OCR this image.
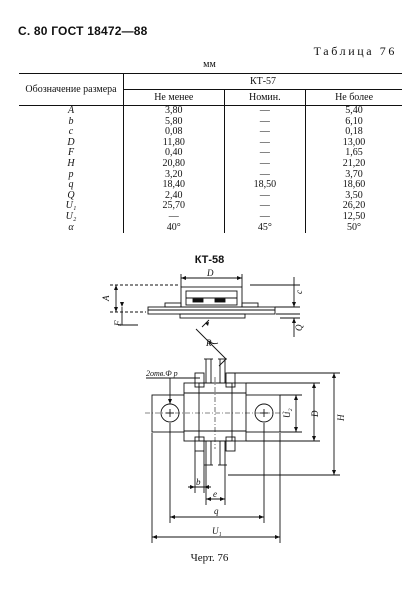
С. 80 ГОСТ 18472—88
Таблица 76
мм
Обозначение размера	КТ-57		
	Не менее	Номин.	Не более
A	3,80	—	5,40
b	5,80	—	6,10
c	0,08	—	0,18
D	11,80	—	13,00
F	0,40	—	1,65
H	20,80	—	21,20
p	3,20	—	3,70
q	18,40	18,50	18,60
Q	2,40	—	3,50
U₁	25,70	—	26,20
U₂	—	—	12,50
α	40°	45°	50°
КТ-58
D
A
F
c
Q
R
2отв.Ф р
H
D
U₂
b
e
q
U₁
Черт. 76
